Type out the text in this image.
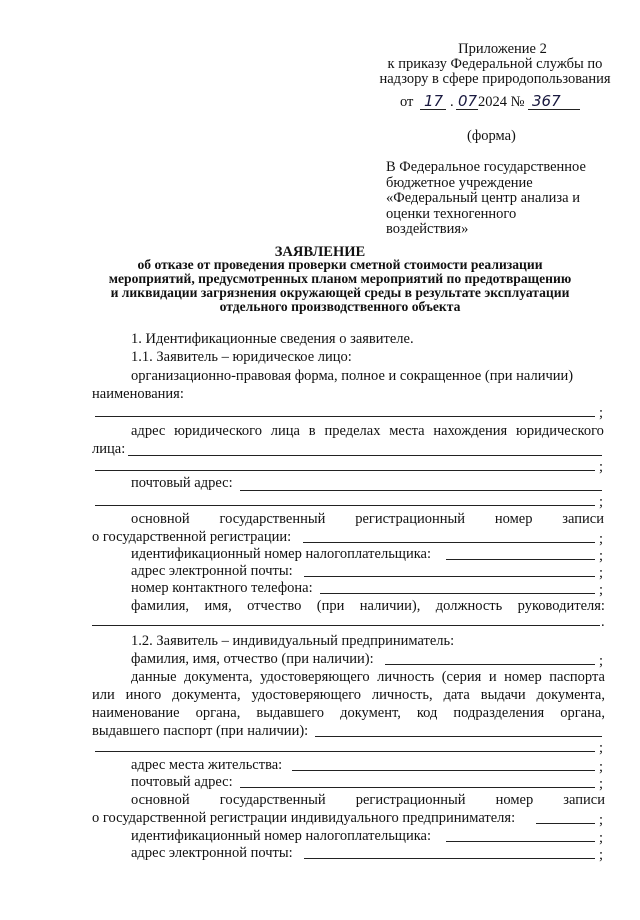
Приложение 2
к приказу Федеральной службы по
надзору в сфере природопользования
от 17 . 07 2024 № 367
(форма)
В Федеральное государственное
бюджетное учреждение
«Федеральный центр анализа и
оценки техногенного
воздействия»
ЗАЯВЛЕНИЕ
об отказе от проведения проверки сметной стоимости реализации
мероприятий, предусмотренных планом мероприятий по предотвращению
и ликвидации загрязнения окружающей среды в результате эксплуатации
отдельного производственного объекта
1. Идентификационные сведения о заявителе.
1.1. Заявитель – юридическое лицо:
организационно-правовая форма, полное и сокращенное (при наличии)
наименования:
;
адрес юридического лица в пределах места нахождения юридического
лица:
;
почтовый адрес:
;
основной государственный регистрационный номер записи
о государственной регистрации:	;
идентификационный номер налогоплательщика:	;
адрес электронной почты:	;
номер контактного телефона:	;
фамилия, имя, отчество (при наличии), должность руководителя:
.
1.2. Заявитель – индивидуальный предприниматель:
фамилия, имя, отчество (при наличии):	;
данные документа, удостоверяющего личность (серия и номер паспорта
или иного документа, удостоверяющего личность, дата выдачи документа,
наименование органа, выдавшего документ, код подразделения органа,
выдавшего паспорт (при наличии):
;
адрес места жительства:	;
почтовый адрес:	;
основной государственный регистрационный номер записи
о государственной регистрации индивидуального предпринимателя:	;
идентификационный номер налогоплательщика:	;
адрес электронной почты:	;
